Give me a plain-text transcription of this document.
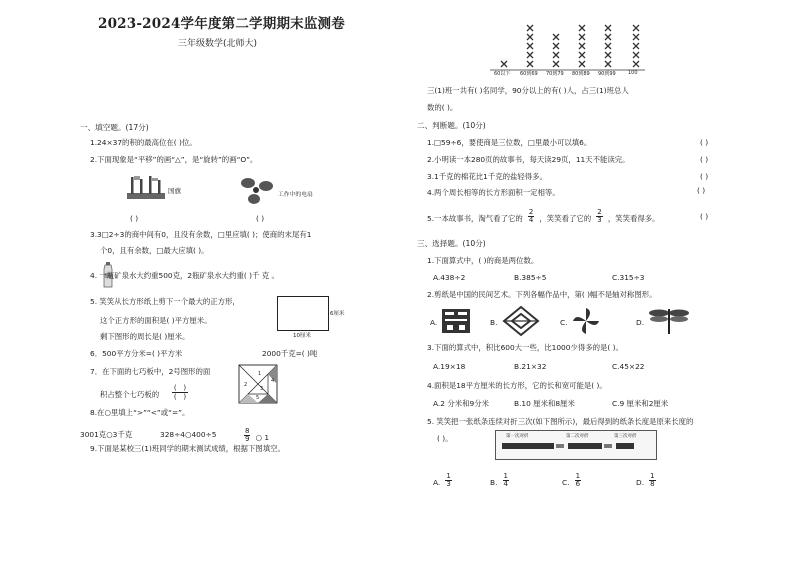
2023-2024学年度第二学期期末监测卷
三年级数学(北师大)
60以下 60到69 70到79 80到89 90到99 100
一、填空题。(17分)
1.24×37的积的最高位在( )位。
2.下面现象是“平移”的画“△”，是“旋转”的画“O”。
国旗	工作中的电扇
( )	( )
3.3□2÷3的商中间有0，且没有余数，□里应填( )；使商的末尾有1
个0，且有余数，□最大应填( )。
4. 一瓶矿泉水大约重500克，2瓶矿泉水大约重( )千 克 。
5. 笑笑从长方形纸上剪下一个最大的正方形，
这个正方形的面积是( )平方厘米。
剩下图形的周长是( )厘米。
6厘米
10厘米
6．500平方分米=( )平方米	2000千克=( )吨
7．在下面的七巧板中，2号图形的面
积占整个七巧板的
(   )
(   )
1
2
3
4
5
8.在○里填上“>”“<”或“=”。
3001克○3千克	328÷4○400÷5	$\frac{8}{9}$ ○ 1
9.下面是某校三(1)班同学的期末测试成绩，根据下图填空。
三(1)班一共有( )名同学，90分以上的有( )人，占三(1)班总人
数的( )。
二、判断题。(10分)
1.□59÷6，要使商是三位数，□里最小可以填6。	( )
2.小明读一本280页的故事书，每天读29页，11天不能读完。	( )
3.1千克的棉花比1千克的盐轻得多。	( )
4.两个周长相等的长方形面积一定相等。	( )
5.一本故事书，淘气看了它的 $\frac{2}{4}$ ，笑笑看了它的 $\frac{2}{3}$ ，笑笑看得多。	( )
三、选择题。(10分)
1.下面算式中，( )的商是两位数。
A.438÷2	B.385÷5	C.315÷3
2.剪纸是中国的民间艺术。下列各幅作品中，第( )幅不是轴对称图形。
A.	B.	C.	D.
3.下面的算式中，积比600大一些，比1000少得多的是( )。
A.19×18	B.21×32	C.45×22
4.面积是18平方厘米的长方形，它的长和宽可能是( )。
A.2 分米和9分米	B.10 厘米和8厘米	C.9 厘米和2厘米
5. 笑笑把一张纸条连续对折三次(如下图所示)，最后得到的纸条长度是原来长度的
( )。	第一次对折	第二次对折	第三次对折
A. $\frac{1}{3}$	B. $\frac{1}{4}$	C. $\frac{1}{6}$	D. $\frac{1}{8}$
